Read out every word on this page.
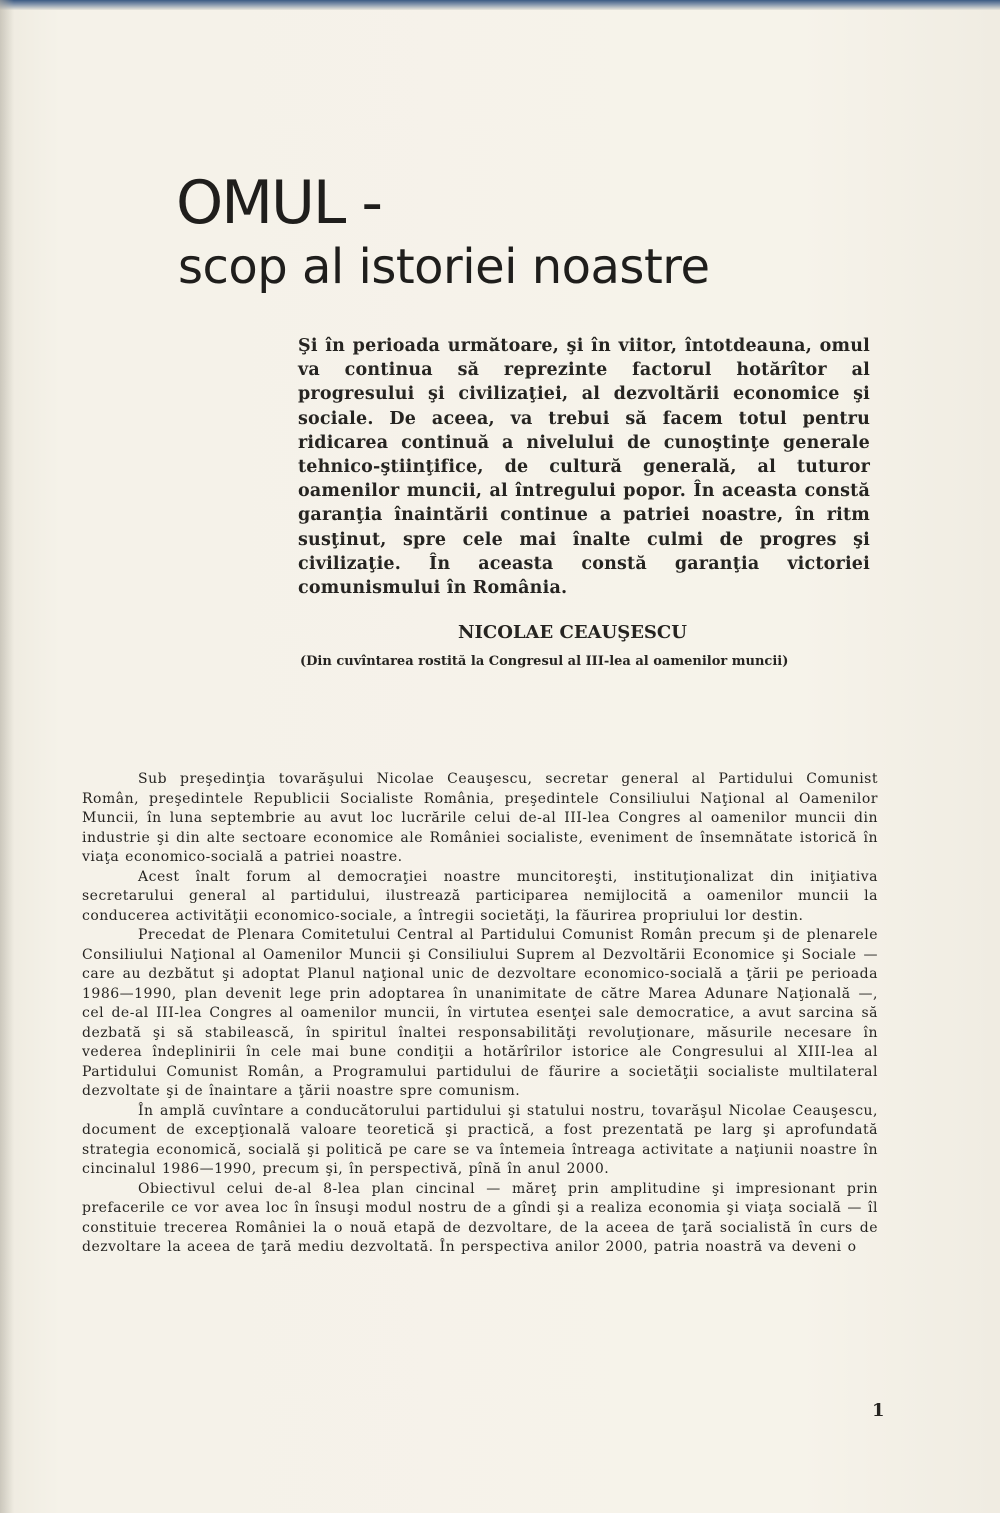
OMUL -
scop al istoriei noastre

Şi în perioada următoare, şi în viitor, întotdeauna, omul va continua să reprezinte factorul hotărîtor al progresului şi civilizaţiei, al dezvoltării economice şi sociale. De aceea, va trebui să facem totul pentru ridicarea continuă a nivelului de cunoştinţe generale tehnico-ştiinţifice, de cultură generală, al tuturor oamenilor muncii, al întregului popor. În aceasta constă garanţia înaintării continue a patriei noastre, în ritm susţinut, spre cele mai înalte culmi de progres şi civilizaţie. În aceasta constă garanţia victoriei comunismului în România.

NICOLAE CEAUŞESCU

(Din cuvîntarea rostită la Congresul al III-lea al oamenilor muncii)

Sub preşedinţia tovarăşului Nicolae Ceauşescu, secretar general al Partidului Comunist Român, preşedintele Republicii Socialiste România, preşedintele Consiliului Naţional al Oamenilor Muncii, în luna septembrie au avut loc lucrările celui de-al III-lea Congres al oamenilor muncii din industrie şi din alte sectoare economice ale României socialiste, eveniment de însemnătate istorică în viaţa economico-socială a patriei noastre.

Acest înalt forum al democraţiei noastre muncitoreşti, instituţionalizat din iniţiativa secretarului general al partidului, ilustrează participarea nemijlocită a oamenilor muncii la conducerea activităţii economico-sociale, a întregii societăţi, la făurirea propriului lor destin.

Precedat de Plenara Comitetului Central al Partidului Comunist Român precum şi de plenarele Consiliului Naţional al Oamenilor Muncii şi Consiliului Suprem al Dezvoltării Economice şi Sociale — care au dezbătut şi adoptat Planul naţional unic de dezvoltare economico-socială a ţării pe perioada 1986—1990, plan devenit lege prin adoptarea în unanimitate de către Marea Adunare Naţională —, cel de-al III-lea Congres al oamenilor muncii, în virtutea esenţei sale democratice, a avut sarcina să dezbată şi să stabilească, în spiritul înaltei responsabilităţi revoluţionare, măsurile necesare în vederea îndeplinirii în cele mai bune condiţii a hotărîrilor istorice ale Congresului al XIII-lea al Partidului Comunist Român, a Programului partidului de făurire a societăţii socialiste multilateral dezvoltate şi de înaintare a ţării noastre spre comunism.

În amplă cuvîntare a conducătorului partidului şi statului nostru, tovarăşul Nicolae Ceauşescu, document de excepţională valoare teoretică şi practică, a fost prezentată pe larg şi aprofundată strategia economică, socială şi politică pe care se va întemeia întreaga activitate a naţiunii noastre în cincinalul 1986—1990, precum şi, în perspectivă, pînă în anul 2000.

Obiectivul celui de-al 8-lea plan cincinal — măreţ prin amplitudine şi impresionant prin prefacerile ce vor avea loc în însuşi modul nostru de a gîndi şi a realiza economia şi viaţa socială — îl constituie trecerea României la o nouă etapă de dezvoltare, de la aceea de ţară socialistă în curs de dezvoltare la aceea de ţară mediu dezvoltată. În perspectiva anilor 2000, patria noastră va deveni o

1
